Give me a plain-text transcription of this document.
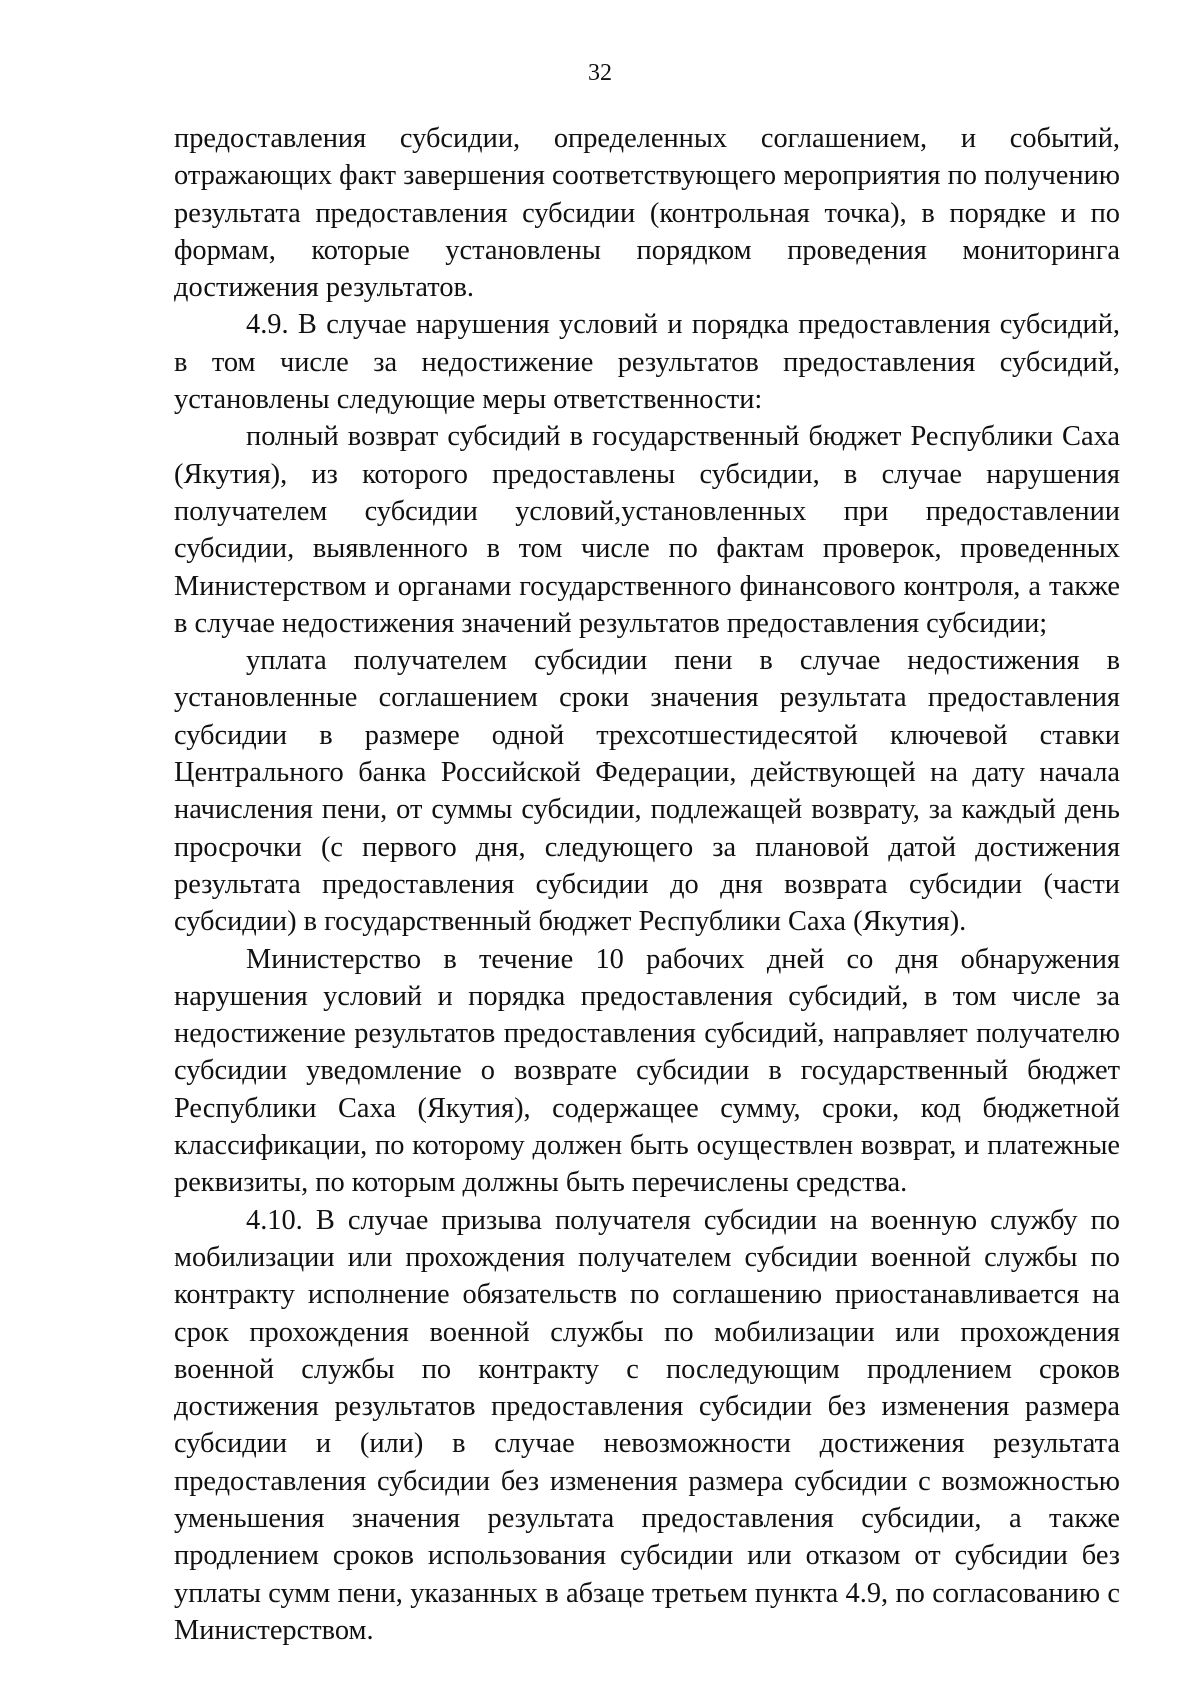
32

предоставления субсидии, определенных соглашением, и событий, отражающих факт завершения соответствующего мероприятия по получению результата предоставления субсидии (контрольная точка), в порядке и по формам, которые установлены порядком проведения мониторинга достижения результатов.

4.9. В случае нарушения условий и порядка предоставления субсидий, в том числе за недостижение результатов предоставления субсидий, установлены следующие меры ответственности:

полный возврат субсидий в государственный бюджет Республики Саха (Якутия), из которого предоставлены субсидии, в случае нарушения получателем субсидии условий,установленных при предоставлении субсидии, выявленного в том числе по фактам проверок, проведенных Министерством и органами государственного финансового контроля, а также в случае недостижения значений результатов предоставления субсидии;

уплата получателем субсидии пени в случае недостижения в установленные соглашением сроки значения результата предоставления субсидии в размере одной трехсотшестидесятой ключевой ставки Центрального банка Российской Федерации, действующей на дату начала начисления пени, от суммы субсидии, подлежащей возврату, за каждый день просрочки (с первого дня, следующего за плановой датой достижения результата предоставления субсидии до дня возврата субсидии (части субсидии) в государственный бюджет Республики Саха (Якутия).

Министерство в течение 10 рабочих дней со дня обнаружения нарушения условий и порядка предоставления субсидий, в том числе за недостижение результатов предоставления субсидий, направляет получателю субсидии уведомление о возврате субсидии в государственный бюджет Республики Саха (Якутия), содержащее сумму, сроки, код бюджетной классификации, по которому должен быть осуществлен возврат, и платежные реквизиты, по которым должны быть перечислены средства.

4.10. В случае призыва получателя субсидии на военную службу по мобилизации или прохождения получателем субсидии военной службы по контракту исполнение обязательств по соглашению приостанавливается на срок прохождения военной службы по мобилизации или прохождения военной службы по контракту с последующим продлением сроков достижения результатов предоставления субсидии без изменения размера субсидии и (или) в случае невозможности достижения результата предоставления субсидии без изменения размера субсидии с возможностью уменьшения значения результата предоставления субсидии, а также продлением сроков использования субсидии или отказом от субсидии без уплаты сумм пени, указанных в абзаце третьем пункта 4.9, по согласованию с Министерством.
